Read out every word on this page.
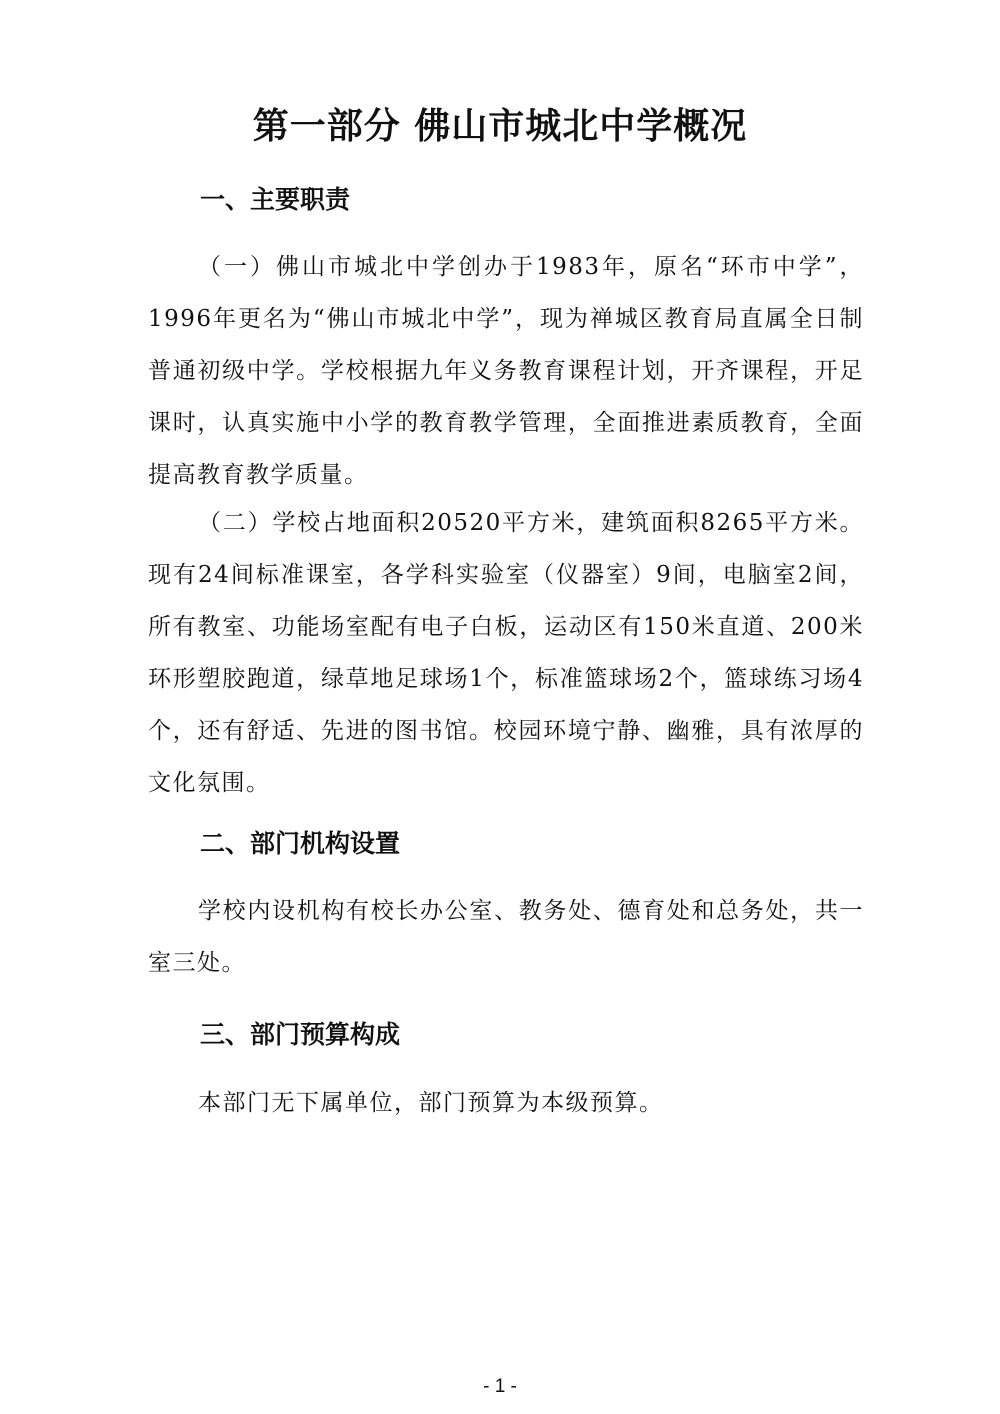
第一部分 佛山市城北中学概况
一、主要职责
（一）佛山市城北中学创办于1983年，原名“环市中学”，1996年更名为“佛山市城北中学”，现为禅城区教育局直属全日制普通初级中学。学校根据九年义务教育课程计划，开齐课程，开足课时，认真实施中小学的教育教学管理，全面推进素质教育，全面提高教育教学质量。
（二）学校占地面积20520平方米，建筑面积8265平方米。现有24间标准课室，各学科实验室（仪器室）9间，电脑室2间，所有教室、功能场室配有电子白板，运动区有150米直道、200米环形塑胶跑道，绿草地足球场1个，标准篮球场2个，篮球练习场4个，还有舒适、先进的图书馆。校园环境宁静、幽雅，具有浓厚的文化氛围。
二、部门机构设置
学校内设机构有校长办公室、教务处、德育处和总务处，共一室三处。
三、部门预算构成
本部门无下属单位，部门预算为本级预算。
- 1 -
